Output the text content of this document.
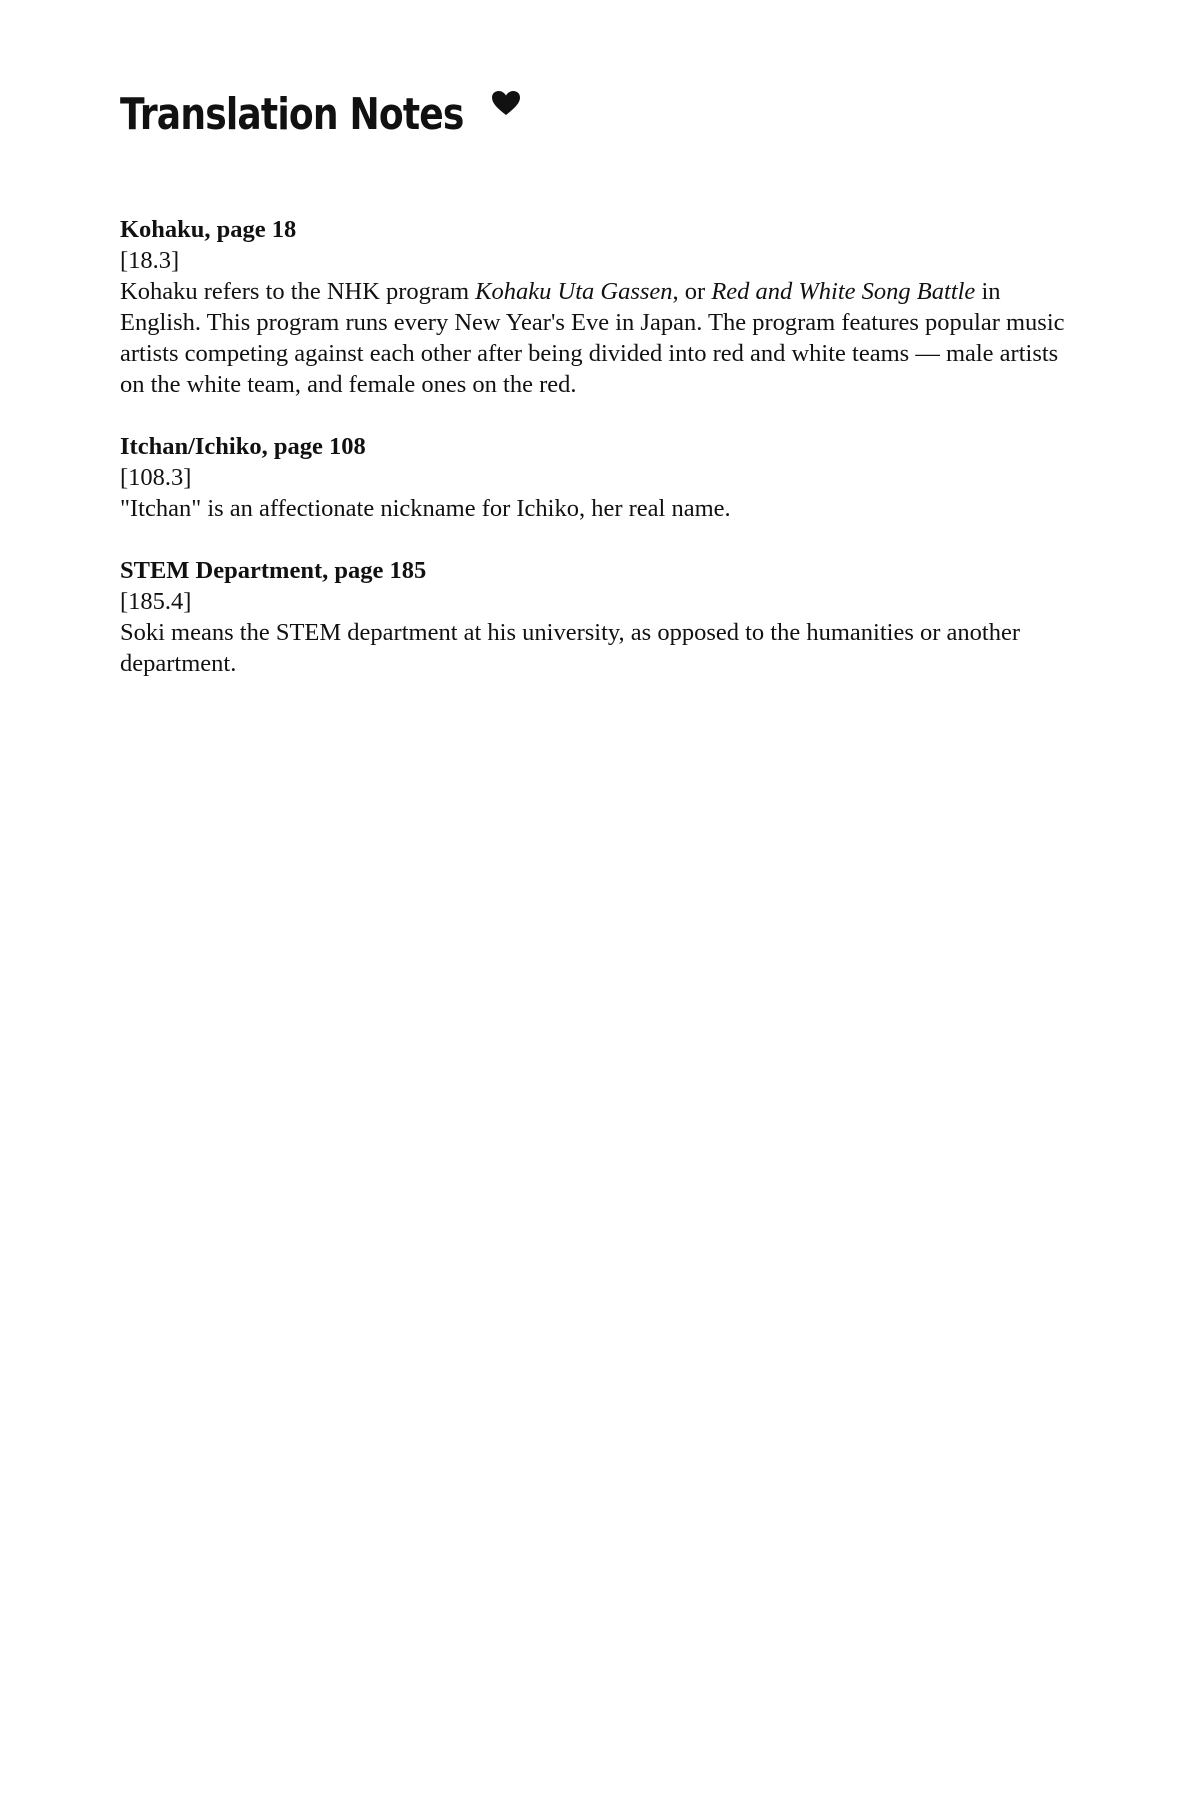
Translation Notes

Kohaku, page 18

[18.3]

Kohaku refers to the NHK program Kohaku Uta Gassen, or Red and White Song Battle in English. This program runs every New Year's Eve in Japan. The program features popular music artists competing against each other after being divided into red and white teams — male artists on the white team, and female ones on the red.

Itchan/Ichiko, page 108

[108.3]

"Itchan" is an affectionate nickname for Ichiko, her real name.

STEM Department, page 185

[185.4]

Soki means the STEM department at his university, as opposed to the humanities or another department.
